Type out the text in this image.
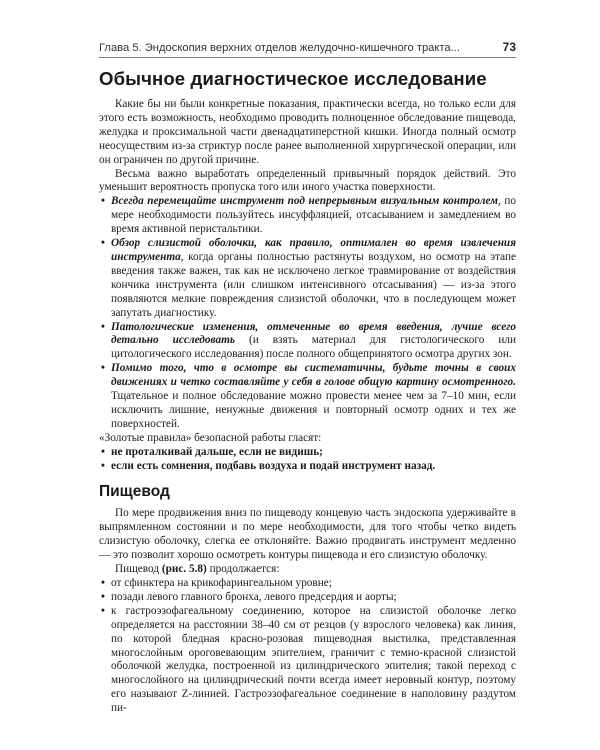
Глава 5. Эндоскопия верхних отделов желудочно-кишечного тракта...	73
Обычное диагностическое исследование

Какие бы ни были конкретные показания, практически всегда, но только если для этого есть возможность, необходимо проводить полноценное обследование пищевода, желудка и проксимальной части двенадцатиперстной кишки. Иногда полный осмотр неосуществим из-за стриктур после ранее выполненной хирургической операции, или он ограничен по другой причине.

Весьма важно выработать определенный привычный порядок действий. Это уменьшит вероятность пропуска того или иного участка поверхности.

• Всегда перемещайте инструмент под непрерывным визуальным контролем, по мере необходимости пользуйтесь инсуффляцией, отсасыванием и замедлением во время активной перистальтики.
• Обзор слизистой оболочки, как правило, оптимален во время извлечения инструмента, когда органы полностью растянуты воздухом, но осмотр на этапе введения также важен, так как не исключено легкое травмирование от воздействия кончика инструмента (или слишком интенсивного отсасывания) — из-за этого появляются мелкие повреждения слизистой оболочки, что в последующем может запутать диагностику.
• Патологические изменения, отмеченные во время введения, лучше всего детально исследовать (и взять материал для гистологического или цитологического исследования) после полного общепринятого осмотра других зон.
• Помимо того, что в осмотре вы систематичны, будьте точны в своих движениях и четко составляйте у себя в голове общую картину осмотренного. Тщательное и полное обследование можно провести менее чем за 7–10 мин, если исключить лишние, ненужные движения и повторный осмотр одних и тех же поверхностей.

«Золотые правила» безопасной работы гласят:

• не проталкивай дальше, если не видишь;
• если есть сомнения, подбавь воздуха и подай инструмент назад.
Пищевод

По мере продвижения вниз по пищеводу концевую часть эндоскопа удерживайте в выпрямленном состоянии и по мере необходимости, для того чтобы четко видеть слизистую оболочку, слегка ее отклоняйте. Важно продвигать инструмент медленно — это позволит хорошо осмотреть контуры пищевода и его слизистую оболочку.

Пищевод (рис. 5.8) продолжается:

• от сфинктера на крикофарингеальном уровне;
• позади левого главного бронха, левого предсердия и аорты;
• к гастроэзофагеальному соединению, которое на слизистой оболочке легко определяется на расстоянии 38–40 см от резцов (у взрослого человека) как линия, по которой бледная красно-розовая пищеводная выстилка, представленная многослойным ороговевающим эпителием, граничит с темно-красной слизистой оболочкой желудка, построенной из цилиндрического эпителия; такой переход с многослойного на цилиндрический почти всегда имеет неровный контур, поэтому его называют Z-линией. Гастроэзофагеальное соединение в наполовину раздутом пи-
